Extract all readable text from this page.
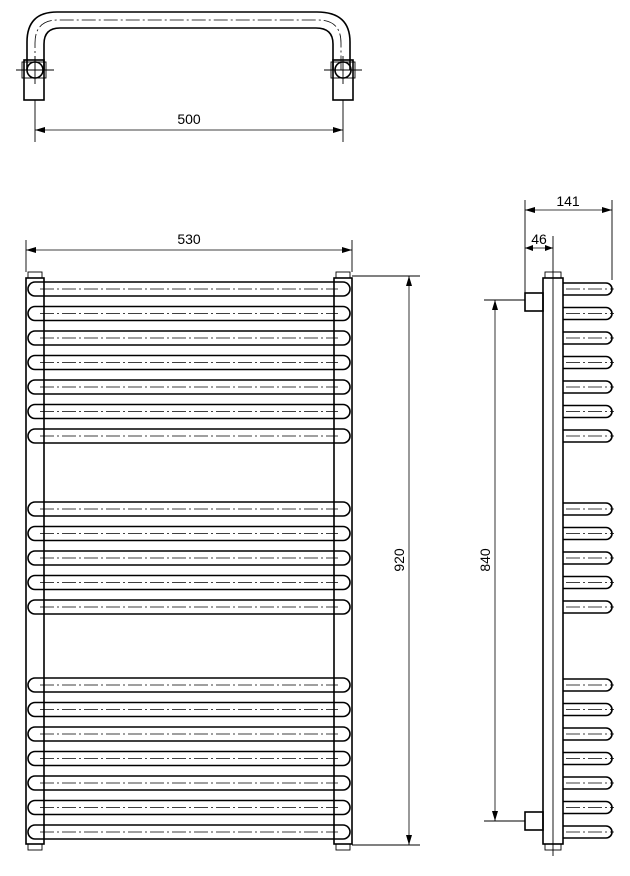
500
530
920
141
46
840
